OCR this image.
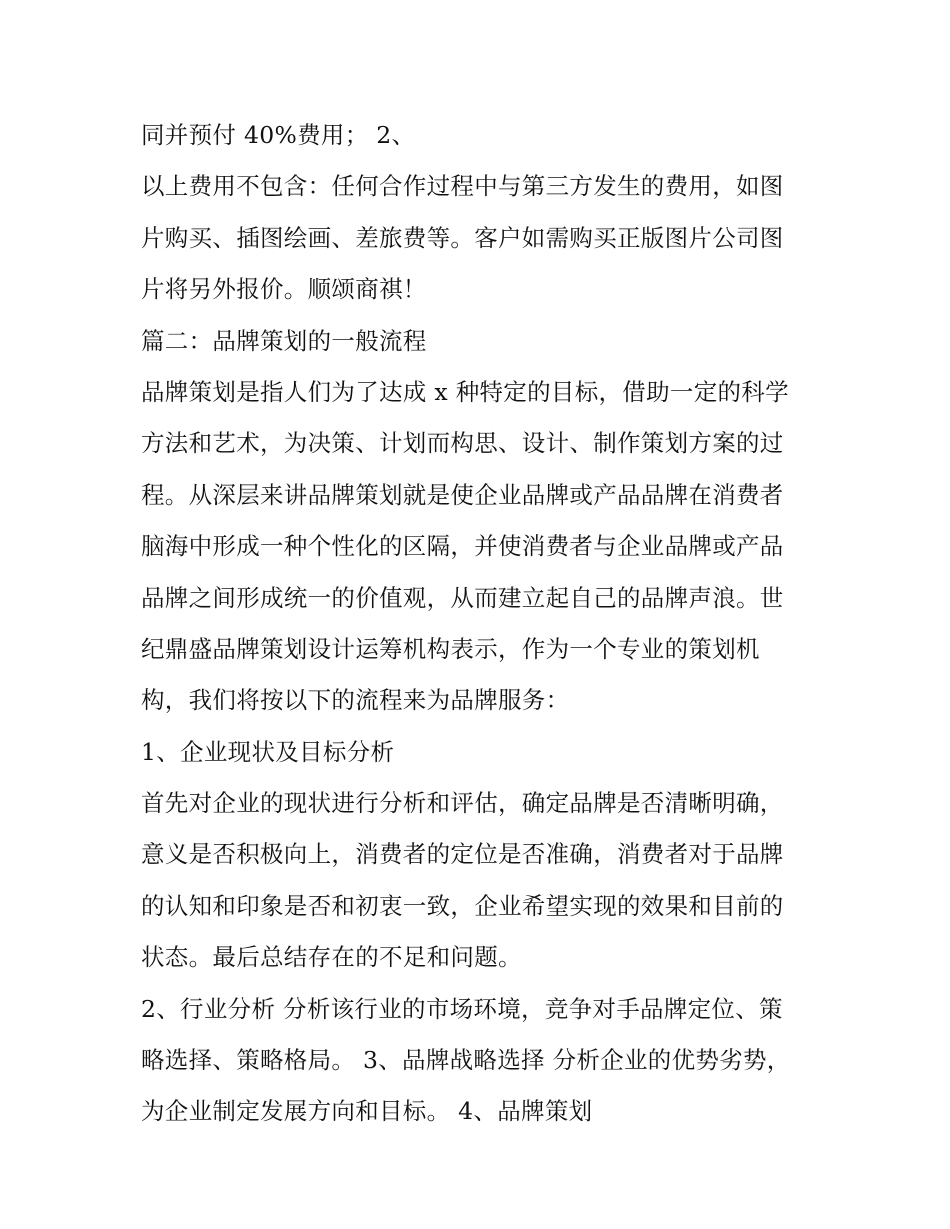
同并预付 40%费用； 2、
以上费用不包含：任何合作过程中与第三方发生的费用，如图
片购买、插图绘画、差旅费等。客户如需购买正版图片公司图
片将另外报价。顺颂商祺！
篇二：品牌策划的一般流程
品牌策划是指人们为了达成 x 种特定的目标，借助一定的科学
方法和艺术，为决策、计划而构思、设计、制作策划方案的过
程。从深层来讲品牌策划就是使企业品牌或产品品牌在消费者
脑海中形成一种个性化的区隔，并使消费者与企业品牌或产品
品牌之间形成统一的价值观，从而建立起自己的品牌声浪。世
纪鼎盛品牌策划设计运筹机构表示，作为一个专业的策划机
构，我们将按以下的流程来为品牌服务：
1、企业现状及目标分析
首先对企业的现状进行分析和评估，确定品牌是否清晰明确，
意义是否积极向上，消费者的定位是否准确，消费者对于品牌
的认知和印象是否和初衷一致，企业希望实现的效果和目前的
状态。最后总结存在的不足和问题。
2、行业分析 分析该行业的市场环境，竞争对手品牌定位、策
略选择、策略格局。 3、品牌战略选择 分析企业的优势劣势，
为企业制定发展方向和目标。 4、品牌策划
